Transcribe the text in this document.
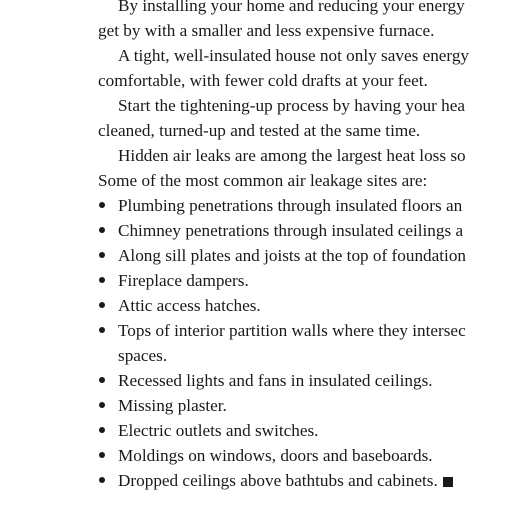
By installing your home and reducing your energy
get by with a smaller and less expensive furnace.
A tight, well-insulated house not only saves energy
comfortable, with fewer cold drafts at your feet.
Start the tightening-up process by having your hea
cleaned, turned-up and tested at the same time.
Hidden air leaks are among the largest heat loss so
Some of the most common air leakage sites are:
Plumbing penetrations through insulated floors an
Chimney penetrations through insulated ceilings a
Along sill plates and joists at the top of foundation
Fireplace dampers.
Attic access hatches.
Tops of interior partition walls where they intersec
spaces.
Recessed lights and fans in insulated ceilings.
Missing plaster.
Electric outlets and switches.
Moldings on windows, doors and baseboards.
Dropped ceilings above bathtubs and cabinets.
